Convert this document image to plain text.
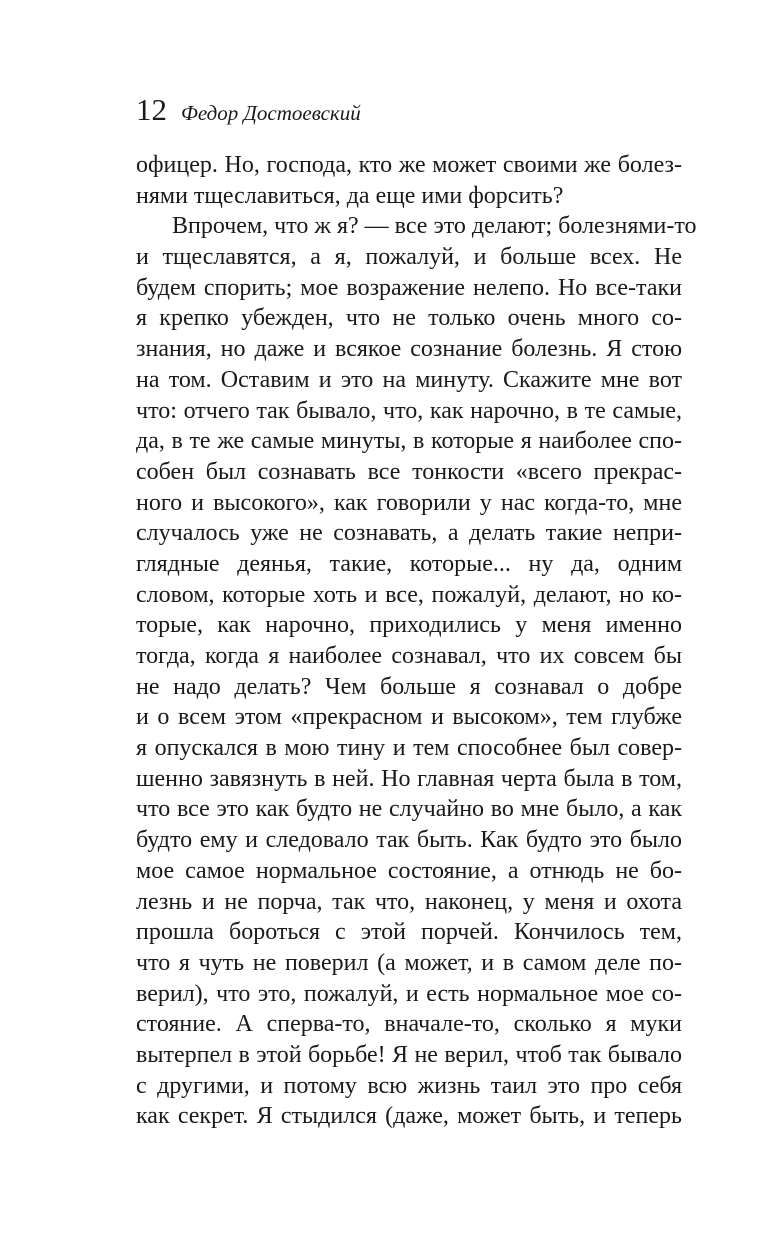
12 Федор Достоевский
офицер. Но, господа, кто же может своими же болез-
нями тщеславиться, да еще ими форсить?
Впрочем, что ж я? — все это делают; болезнями-то
и тщеславятся, а я, пожалуй, и больше всех. Не
будем спорить; мое возражение нелепо. Но все-таки
я крепко убежден, что не только очень много со-
знания, но даже и всякое сознание болезнь. Я стою
на том. Оставим и это на минуту. Скажите мне вот
что: отчего так бывало, что, как нарочно, в те самые,
да, в те же самые минуты, в которые я наиболее спо-
собен был сознавать все тонкости «всего прекрас-
ного и высокого», как говорили у нас когда-то, мне
случалось уже не сознавать, а делать такие непри-
глядные деянья, такие, которые... ну да, одним
словом, которые хоть и все, пожалуй, делают, но ко-
торые, как нарочно, приходились у меня именно
тогда, когда я наиболее сознавал, что их совсем бы
не надо делать? Чем больше я сознавал о добре
и о всем этом «прекрасном и высоком», тем глубже
я опускался в мою тину и тем способнее был совер-
шенно завязнуть в ней. Но главная черта была в том,
что все это как будто не случайно во мне было, а как
будто ему и следовало так быть. Как будто это было
мое самое нормальное состояние, а отнюдь не бо-
лезнь и не порча, так что, наконец, у меня и охота
прошла бороться с этой порчей. Кончилось тем,
что я чуть не поверил (а может, и в самом деле по-
верил), что это, пожалуй, и есть нормальное мое со-
стояние. А сперва-то, вначале-то, сколько я муки
вытерпел в этой борьбе! Я не верил, чтоб так бывало
с другими, и потому всю жизнь таил это про себя
как секрет. Я стыдился (даже, может быть, и теперь
